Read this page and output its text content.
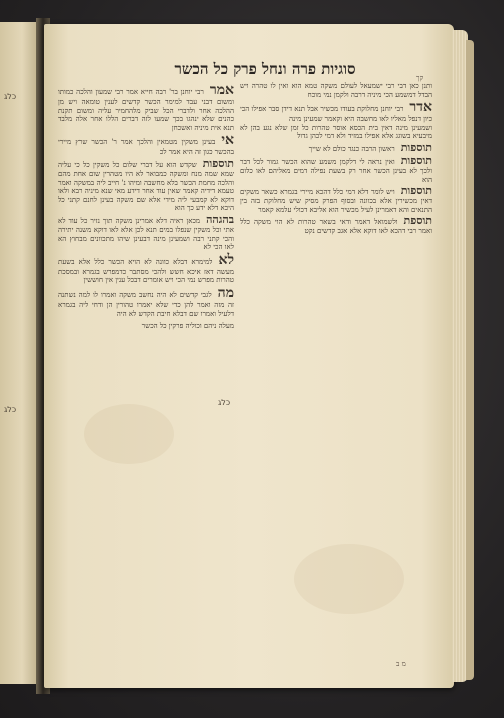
כלג
כלג
כלג
קך
מ ב
סוגיות פרה ונחל פרק כל הכשר

אמררבי יוחנן בר' רבה חייא אמר רבי שמעון והלכה כמותו ומשום דבני עבד למימר הכשר קדשים לענין טומאה ויש מן ההלכה אחר ולדברי הכל שביק מלהחמיר עליה ומשום תקנת כהנים שלא ינהגו בכך שמעו לזה דברים הללו אחר אלה מלבד תנא אית מיניה ואשכחן

איבעינן משקין מטמאין והלכך אמר ר' הכשר שרץ מיירי בהכשר כגון זה היא אמר לכ

תוספותשקדש הוא על דברי שלום כל משקין כל כי עליה שמא שמה מנח ומשקה כמבואר לא היו מטהרין שום אחת מהם והלכה מחמת הכשר בלא מחשבה ומיהו נ' חייב ליה במשקה ואמר טעמא דידיה קאמר שאין עוד אחר דידע מאי שנא מיניה רבא ולאו דוקא לא קמבעי ליה מידי אלא שם משקה בעינן לחנם קתני כל היכא דלא ידע כך הוא

בהגההמכאן ראיה דלא אמרינן משקה תוך נזיר כל עוד לא אתי וכל משקין שנפלו במים תנא לכן אלא לאו דוקא משנה יתירה והכי קתני רבה ושמעינן מינה דבעינן שיהו מתכוונים מבחוץ הא לאו הכי לא

לאלמימרא דבלא כוונה לא הויא הכשר כלל אלא בשעת מעשה דאז איכא חשש ולהכי מסתבר כדמפרש בגמרא ובמסכת טהרות מפרש נמי הכי ויש אומרים דבכל ענין אין חוששין

מהלגבי קדשים לא היה נחשב משקה ואמרו לו למה נשתנה זה מזה ואמר להן כדי שלא יאמרו טהורין הן ודחי ליה בגמרא דלעיל ואמרו שם דבלא חיבת הקדש לא היה

מעלה ניהם וכוליה פרקין כל הכשר

ותנן כאן דבי רבי ישמעאל לעולם משקה טמא הוא ואין לו טהרה ויש הבדל דמשמע הכי מיניה דרבה ולקמן נמי מוכח

אדררבי יוחנן מחלוקת בעודו מכשיר אבל תנא דידן סבר אפילו הכי כיון דנפל מאליו לאו מחשבה היא וקאמר שמעינן מינה

ושמעינן מינה דאין בית הכסא אוסר טהרות כל זמן שלא נגע בהן לא מיבעיא בשוגג אלא אפילו במזיד ולא דמי לכהן גדול

תוספותראשון הרבה כנגד כולם לא שייך

תוספותואין נראה לי דלקמן משמע שהוא הכשר גמור לכל דבר ולכך לא בעינן הכשר אחר רק בשעת נפילה דמים מאליהם לאו כלום הוא

תוספותויש לומר דלא דמי כלל דהכא מיירי בגמרא כשאר משקים דאין מכשירין אלא בכוונה ובסוף הפרק מסיק שיש מחלוקת בזה בין התנאים והא דאמרינן לעיל מכשיר הוא אליבא דכולי עלמא קאמר

תוספתולשמואל דאמר ודאי בשאר טהרות לא הוי משקה כלל ואמר רבי דהכא לאו דוקא אלא אגב קדשים נקט
